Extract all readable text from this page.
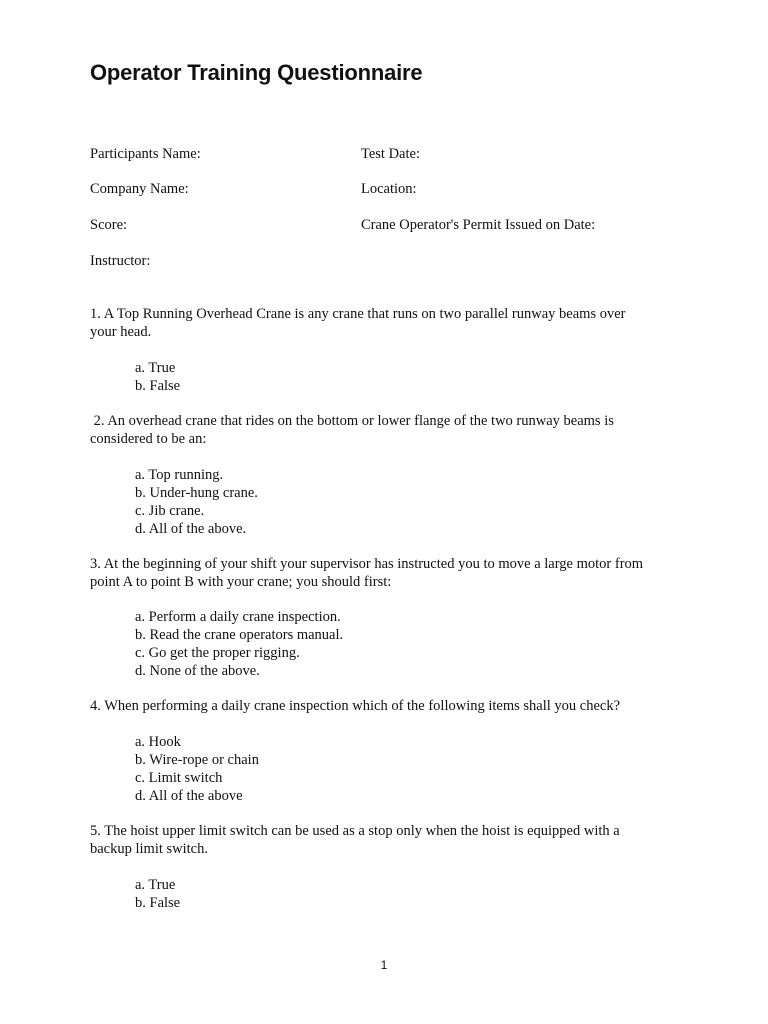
Operator Training Questionnaire
Participants Name:	Test Date:
Company Name:	Location:
Score:	Crane Operator's Permit Issued on Date:
Instructor:

1. A Top Running Overhead Crane is any crane that runs on two parallel runway beams over

your head.

a. True
b. False

2. An overhead crane that rides on the bottom or lower flange of the two runway beams is

considered to be an:

a. Top running.
b. Under-hung crane.
c. Jib crane.
d. All of the above.

3. At the beginning of your shift your supervisor has instructed you to move a large motor from

point A to point B with your crane; you should first:

a. Perform a daily crane inspection.
b. Read the crane operators manual.
c. Go get the proper rigging.
d. None of the above.

4. When performing a daily crane inspection which of the following items shall you check?

a. Hook
b. Wire-rope or chain
c. Limit switch
d. All of the above

5. The hoist upper limit switch can be used as a stop only when the hoist is equipped with a

backup limit switch.

a. True
b. False
1
